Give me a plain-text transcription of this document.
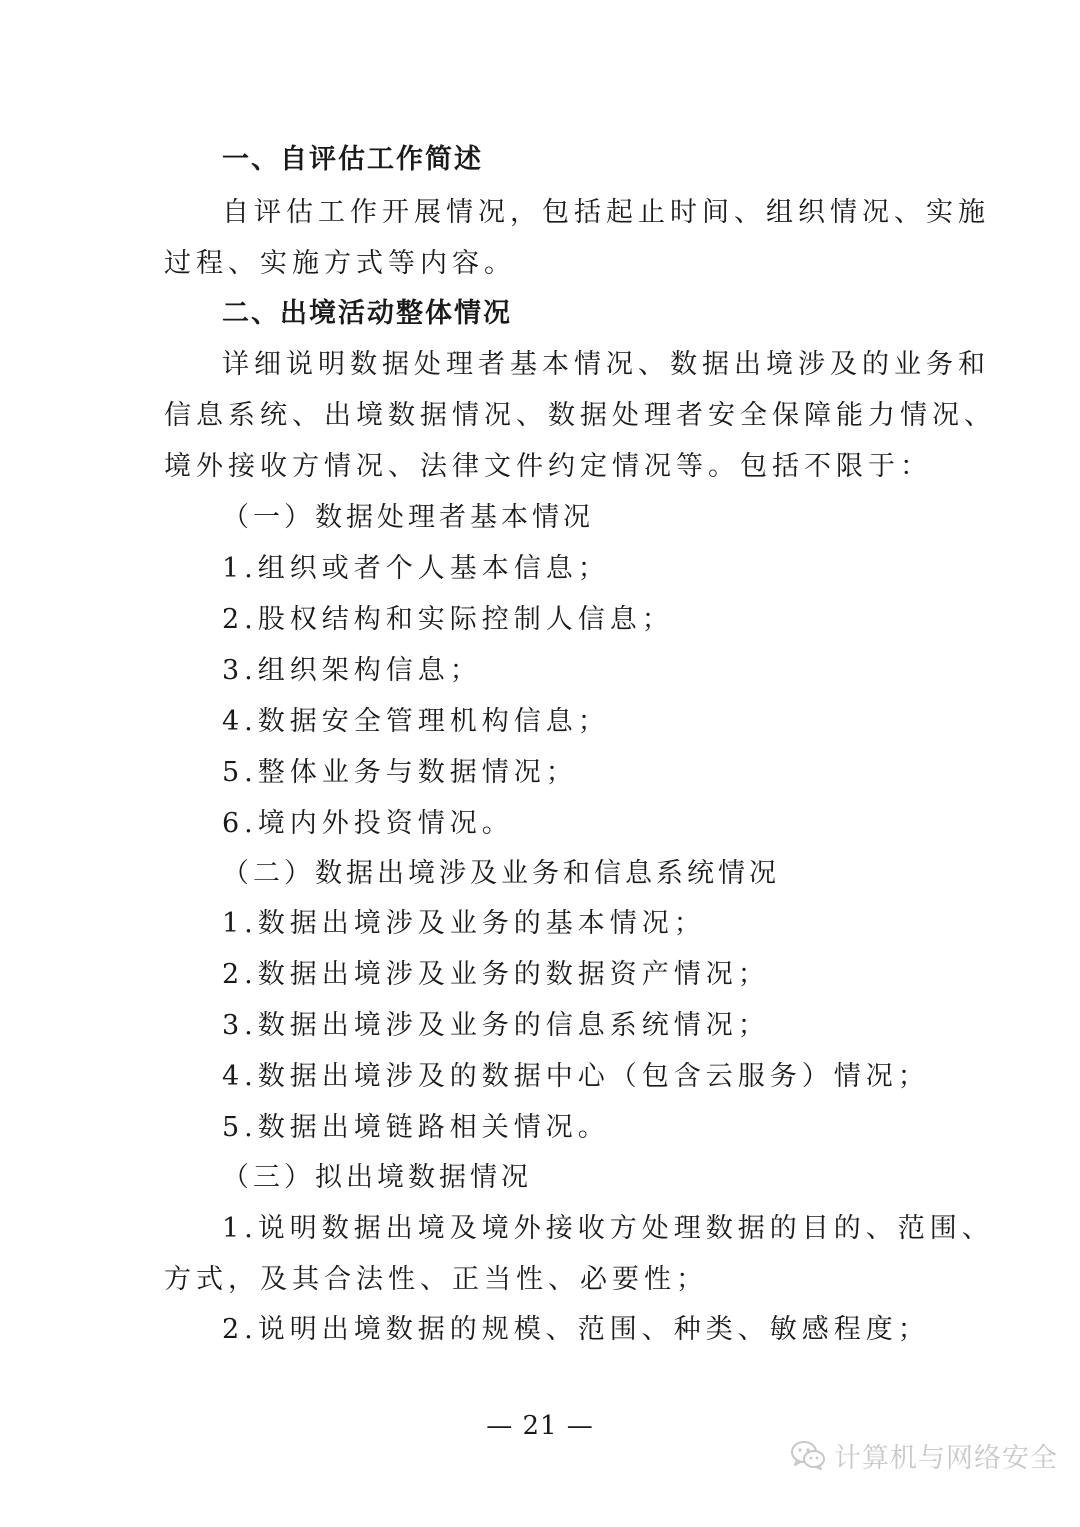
一、自评估工作简述
自评估工作开展情况，包括起止时间、组织情况、实施
过程、实施方式等内容。
二、出境活动整体情况
详细说明数据处理者基本情况、数据出境涉及的业务和
信息系统、出境数据情况、数据处理者安全保障能力情况、
境外接收方情况、法律文件约定情况等。包括不限于：
（一）数据处理者基本情况
1.组织或者个人基本信息；
2.股权结构和实际控制人信息；
3.组织架构信息；
4.数据安全管理机构信息；
5.整体业务与数据情况；
6.境内外投资情况。
（二）数据出境涉及业务和信息系统情况
1.数据出境涉及业务的基本情况；
2.数据出境涉及业务的数据资产情况；
3.数据出境涉及业务的信息系统情况；
4.数据出境涉及的数据中心（包含云服务）情况；
5.数据出境链路相关情况。
（三）拟出境数据情况
1.说明数据出境及境外接收方处理数据的目的、范围、
方式，及其合法性、正当性、必要性；
2.说明出境数据的规模、范围、种类、敏感程度；
— 21 —
计算机与网络安全
